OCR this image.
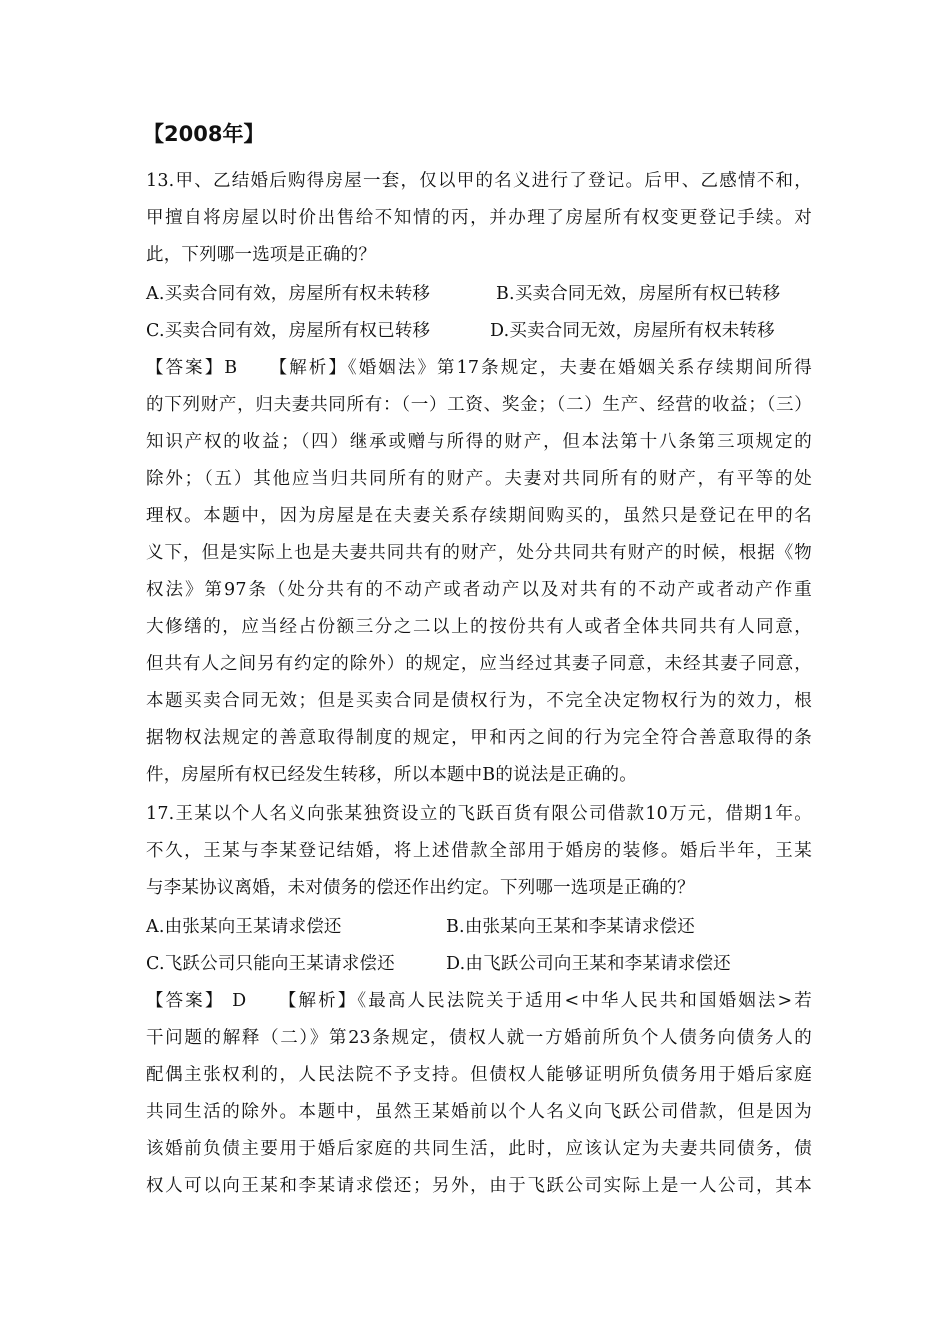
【2008年】
13.甲、乙结婚后购得房屋一套，仅以甲的名义进行了登记。后甲、乙感情不和，
甲擅自将房屋以时价出售给不知情的丙，并办理了房屋所有权变更登记手续。对
此，下列哪一选项是正确的？
A.买卖合同有效，房屋所有权未转移	B.买卖合同无效，房屋所有权已转移
C.买卖合同有效，房屋所有权已转移	D.买卖合同无效，房屋所有权未转移
【答案】B　　【解析】《婚姻法》第17条规定，夫妻在婚姻关系存续期间所得
的下列财产，归夫妻共同所有：（一）工资、奖金；（二）生产、经营的收益；（三）
知识产权的收益；（四）继承或赠与所得的财产，但本法第十八条第三项规定的
除外；（五）其他应当归共同所有的财产。夫妻对共同所有的财产，有平等的处
理权。本题中，因为房屋是在夫妻关系存续期间购买的，虽然只是登记在甲的名
义下，但是实际上也是夫妻共同共有的财产，处分共同共有财产的时候，根据《物
权法》第97条（处分共有的不动产或者动产以及对共有的不动产或者动产作重
大修缮的，应当经占份额三分之二以上的按份共有人或者全体共同共有人同意，
但共有人之间另有约定的除外）的规定，应当经过其妻子同意，未经其妻子同意，
本题买卖合同无效；但是买卖合同是债权行为，不完全决定物权行为的效力，根
据物权法规定的善意取得制度的规定，甲和丙之间的行为完全符合善意取得的条
件，房屋所有权已经发生转移，所以本题中B的说法是正确的。
17.王某以个人名义向张某独资设立的飞跃百货有限公司借款10万元，借期1年。
不久，王某与李某登记结婚，将上述借款全部用于婚房的装修。婚后半年，王某
与李某协议离婚，未对债务的偿还作出约定。下列哪一选项是正确的？
A.由张某向王某请求偿还	B.由张某向王某和李某请求偿还
C.飞跃公司只能向王某请求偿还	D.由飞跃公司向王某和李某请求偿还
【答案】 D　　【解析】《最高人民法院关于适用<中华人民共和国婚姻法>若
干问题的解释（二）》第23条规定，债权人就一方婚前所负个人债务向债务人的
配偶主张权利的，人民法院不予支持。但债权人能够证明所负债务用于婚后家庭
共同生活的除外。本题中，虽然王某婚前以个人名义向飞跃公司借款，但是因为
该婚前负债主要用于婚后家庭的共同生活，此时，应该认定为夫妻共同债务，债
权人可以向王某和李某请求偿还；另外，由于飞跃公司实际上是一人公司，其本
